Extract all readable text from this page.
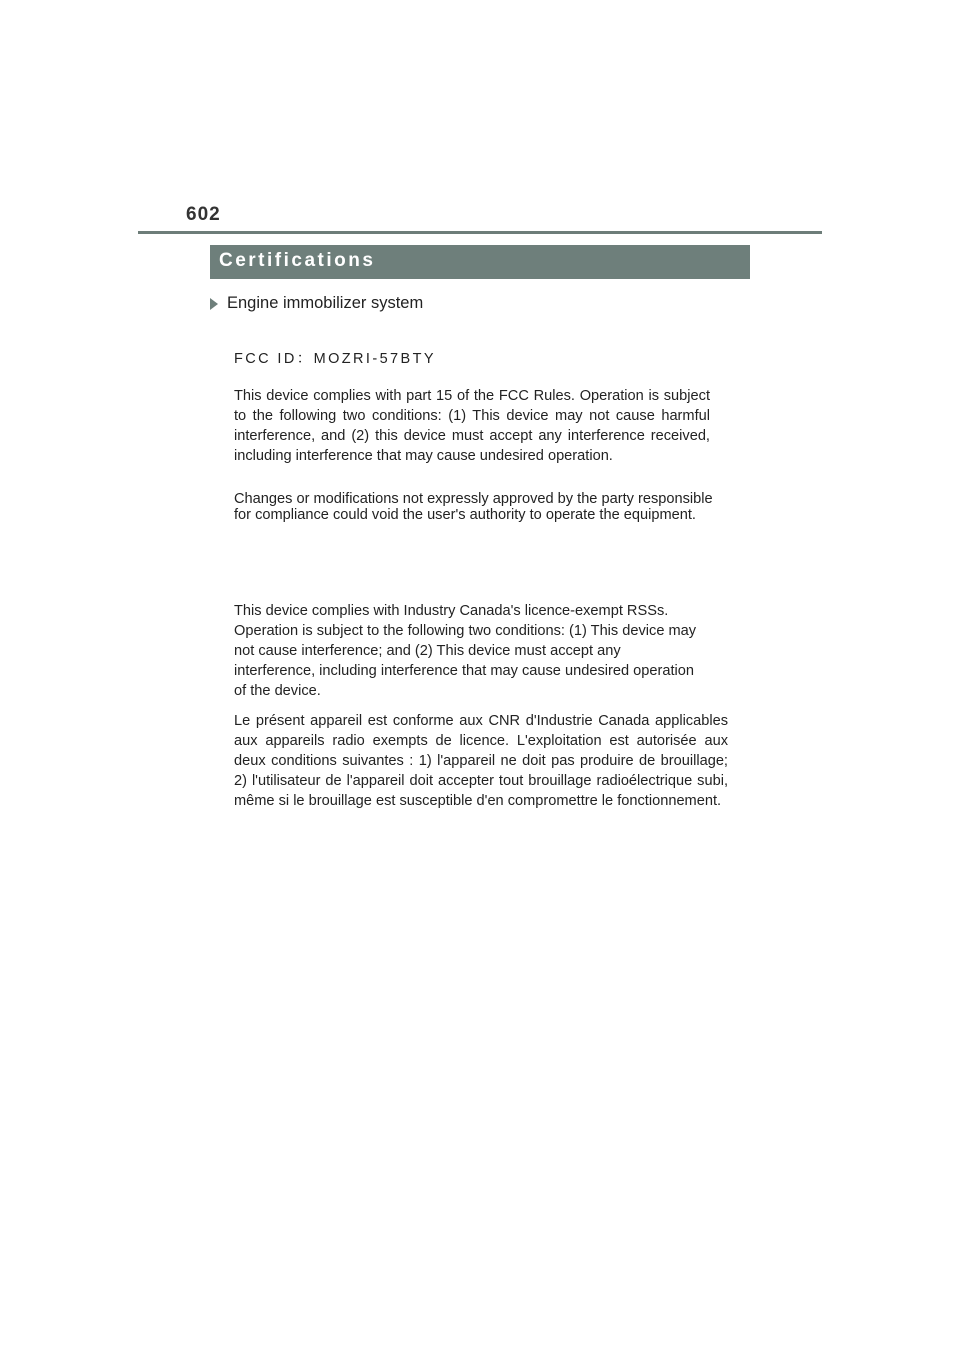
602
Certifications
Engine immobilizer system
FCC ID：MOZRI-57BTY

This device complies with part 15 of the FCC Rules. Operation is subject to the following two conditions: (1) This device may not cause harmful interference, and (2) this device must accept any interference received, including interference that may cause undesired operation.

Changes or modifications not expressly approved by the party responsible for compliance could void the user's authority to operate the equipment.

This device complies with Industry Canada's licence-exempt RSSs. Operation is subject to the following two conditions: (1) This device may not cause interference; and (2) This device must accept any interference, including interference that may cause undesired operation of the device.

Le présent appareil est conforme aux CNR d'Industrie Canada applicables aux appareils radio exempts de licence. L'exploitation est autorisée aux deux conditions suivantes : 1) l'appareil ne doit pas produire de brouillage; 2) l'utilisateur de l'appareil doit accepter tout brouillage radioélectrique subi, même si le brouillage est susceptible d'en compromettre le fonctionnement.
